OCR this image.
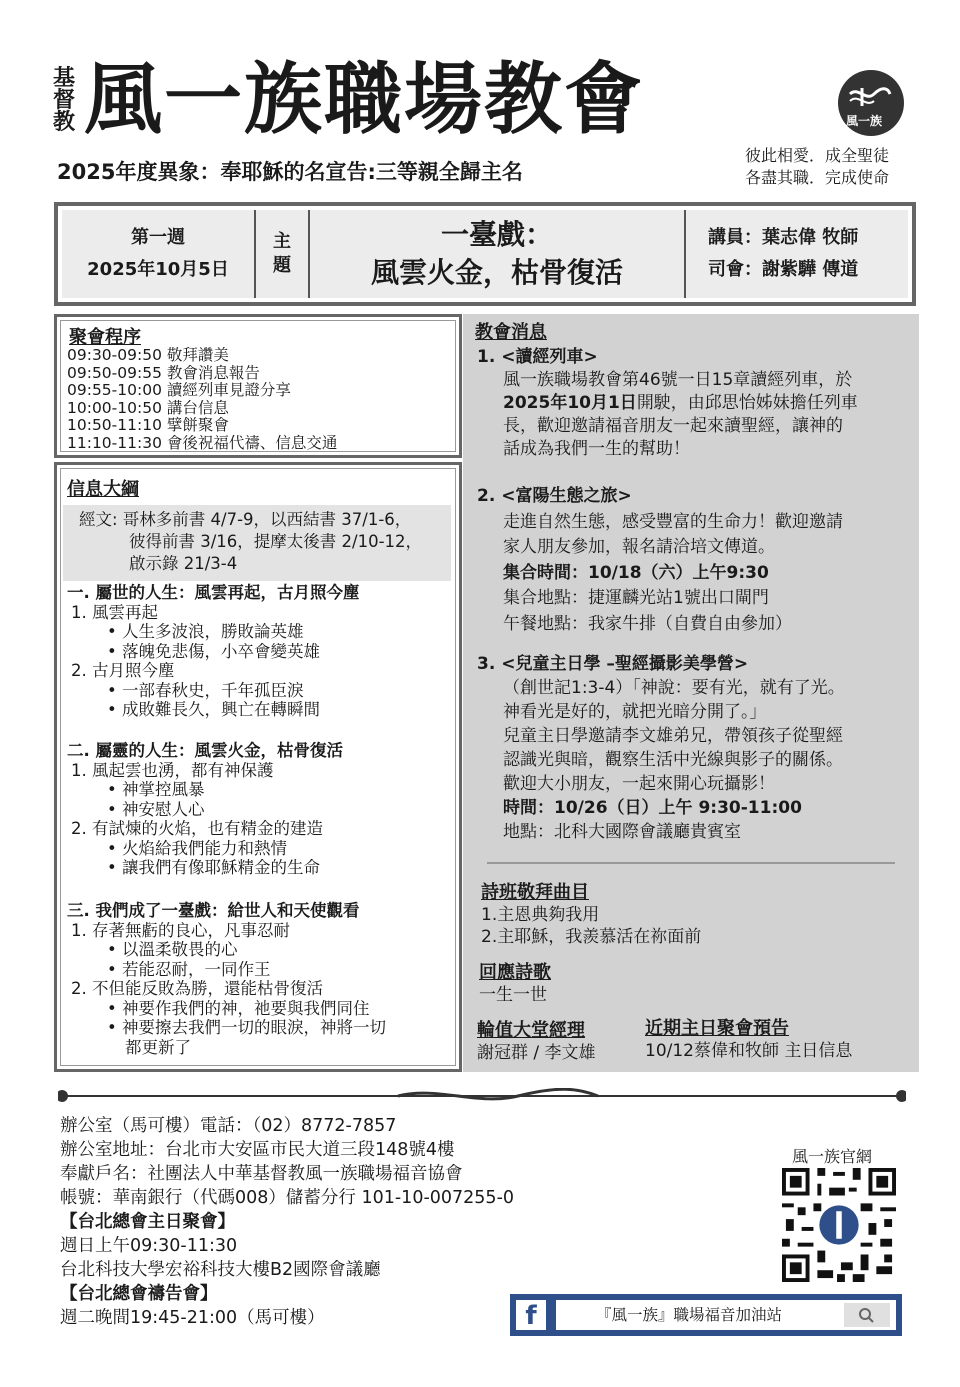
基督教 風一族職場教會
2025年度異象：奉耶穌的名宣告:三等親全歸主名
風一族
彼此相愛．成全聖徒
各盡其職．完成使命
第一週
2025年10月5日
主
題
一臺戲：
風雲火金，枯骨復活
講員：葉志偉 牧師
司會：謝紫驊 傳道
聚會程序
09:30-09:50 敬拜讚美
09:50-09:55 教會消息報告
09:55-10:00 讀經列車見證分享
10:00-10:50 講台信息
10:50-11:10 擘餅聚會
11:10-11:30 會後祝福代禱、信息交通
信息大綱
經文: 哥林多前書 4/7-9，以西結書 37/1-6，
彼得前書 3/16，提摩太後書 2/10-12，
啟示錄 21/3-4
一. 屬世的人生：風雲再起，古月照今塵
1. 風雲再起
• 人生多波浪，勝敗論英雄
• 落魄免悲傷，小卒會變英雄
2. 古月照今塵
• 一部春秋史，千年孤臣淚
• 成敗難長久，興亡在轉瞬間
二. 屬靈的人生：風雲火金，枯骨復活
1. 風起雲也湧，都有神保護
• 神掌控風暴
• 神安慰人心
2. 有試煉的火焰，也有精金的建造
• 火焰給我們能力和熱情
• 讓我們有像耶穌精金的生命
三. 我們成了一臺戲：給世人和天使觀看
1. 存著無虧的良心，凡事忍耐
• 以溫柔敬畏的心
• 若能忍耐，一同作王
2. 不但能反敗為勝，還能枯骨復活
• 神要作我們的神，祂要與我們同住
• 神要擦去我們一切的眼淚，神將一切
都更新了
教會消息
1. <讀經列車>
風一族職場教會第46號一日15章讀經列車，於
2025年10月1日開駛，由邱思怡姊妹擔任列車
長，歡迎邀請福音朋友一起來讀聖經，讓神的
話成為我們一生的幫助！
2. <富陽生態之旅>
走進自然生態，感受豐富的生命力！歡迎邀請
家人朋友參加，報名請洽培文傳道。
集合時間：10/18（六）上午9:30
集合地點：捷運麟光站1號出口閘門
午餐地點：我家牛排（自費自由參加）
3. <兒童主日學 –聖經攝影美學營>
（創世記1:3-4）「神說：要有光，就有了光。
神看光是好的，就把光暗分開了。」
兒童主日學邀請李文雄弟兄，帶領孩子從聖經
認識光與暗，觀察生活中光線與影子的關係。
歡迎大小朋友，一起來開心玩攝影！
時間：10/26（日）上午 9:30-11:00
地點：北科大國際會議廳貴賓室
詩班敬拜曲目
1.主恩典夠我用
2.主耶穌，我羨慕活在祢面前
回應詩歌
一生一世
輪值大堂經理
謝冠群 / 李文雄
近期主日聚會預告
10/12蔡偉和牧師 主日信息
辦公室（馬可樓）電話：（02）8772-7857
辦公室地址：台北市大安區市民大道三段148號4樓
奉獻戶名：社團法人中華基督教風一族職場福音協會
帳號：華南銀行（代碼008）儲蓄分行 101-10-007255-0
【台北總會主日聚會】
週日上午09:30-11:30
台北科技大學宏裕科技大樓B2國際會議廳
【台北總會禱告會】
週二晚間19:45-21:00（馬可樓）
風一族官網
f	『風一族』職場福音加油站
